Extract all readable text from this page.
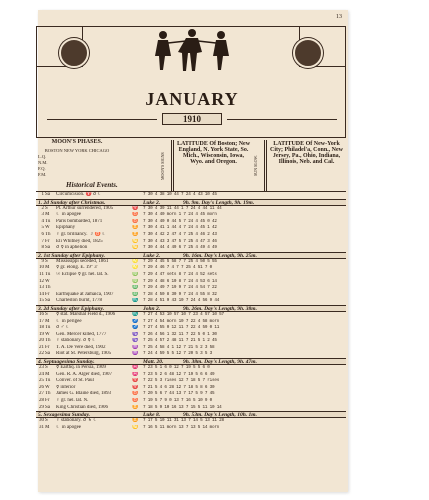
13
JANUARY
1910
MOON'S PHASES.
BOSTON NEW YORK CHICAGO
L.Q.
N.M.
F.Q.
F.M.
Historical Events.
MOON'S SIGNS
LATITUDE Of Boston; New England, N. York State, So. Mich., Wisconsin, Iowa, Wyo. and Oregon.	SUN SLOW.
LATITUDE Of New-York City; Philadel'a, Conn., New Jersey, Pa., Ohio, Indiana, Illinois, Neb. and Cal.
1 Sa	Circumcision. ♈ ☌ ☾	7 30 4 38 10 44 7 24 4 43 10 45
1. 2d Sunday after Christmas.	Luke 2.	9h. 9m. Day's Length, 9h. 19m.
2 S	Pt. Arthur surrendered, 1905	♈	7 30 4 39 11 44 1 7 24 4 44 11 44
3 M	☾ in apogee	♉	7 30 4 40 morn 1 7 24 4 45 morn
4 Tu	Paris bombarded, 1871	♉	7 30 4 40 0 44 5 7 24 4 45 0 42
5 W	Epiphany	♊	7 30 4 41 1 44 4 7 24 4 45 1 42
6 Th	♀ gr. brilliancy. ☽ ♉ ☾	♊	7 30 4 42 2 47 4 7 25 4 46 2 43
7 Fr	Eli Whitney died, 1825	♋	7 30 4 43 3 47 5 7 25 4 47 3 46
8 Sa	☌ ☿ in aphelion	♋	7 30 4 44 4 49 6 7 25 4 49 4 49
2. 1st Sunday after Epiphany.	Luke 2.	9h. 16m. Day's Length, 9h. 25m.
9 S	Mississippi seceded, 1861	♌	7 29 4 45 5 58 7 7 25 4 50 5 55
10 M	☿ gr. elong. E. 19° 3'	♌	7 29 4 46 7 4 7 7 25 4 51 7 0
11 Tu	☉ Eclipse ☿ gr. hel. lat. S.	♍	7 29 4 47 sets 8 7 24 4 52 sets
12 W	♍	7 29 4 48 6 10 8 7 24 4 53 6 14
13 Th	♎	7 29 4 49 7 19 9 7 24 4 54 7 22
14 Fr	Earthquake at Jamaica, 1907	♎	7 28 4 50 8 30 9 7 24 4 55 8 32
15 Sa	Charleston burnt, 1778	♏	7 28 4 51 9 43 10 7 24 4 56 9 44
3. 2d Sunday after Epiphany.	John 2.	9h. 26m. Day's Length, 9h. 38m.
16 S	☿ stat. Marshal Field d., 1906	♏	7 27 4 53 10 57 10 7 23 4 57 10 57
17 M	☾ in perigee	♐	7 27 4 54 morn 10 7 22 4 58 morn
18 Tu	☌ ♂ ☾	♐	7 27 4 55 0 12 11 7 22 4 59 0 11
19 W	Gen. Mercer killed, 1777	♑	7 26 4 56 1 32 11 7 22 5 0 1 30
20 Th	♀ stationary. ☌ ☿ ☾	♑	7 25 4 57 2 48 11 7 21 5 1 2 45
21 Fr	T. A. De Vere died, 1902	♒	7 25 4 58 4 1 12 7 21 5 2 3 58
22 Sa	Riot at St. Petersburg, 1905	♒	7 24 4 59 5 5 12 7 20 5 3 5 3
4. Septuagesima Sunday.	Matt. 20.	9h. 38m. Day's Length, 9h. 47m.
23 S	☿ Earthq. in Persia, 1909	♓	7 23 5 1 6 0 12 7 19 5 5 6 0
24 M	Gen. R. A. Alger died, 1907	♓	7 23 5 2 6 48 12 7 19 5 6 6 49
25 Tu	Conver. of St. Paul	♈	7 22 5 3 rises 12 7 18 5 7 rises
26 W	☿ inferior	♈	7 21 5 4 6 28 12 7 18 5 8 6 30
27 Th	James G. Blaine died, 1893	♉	7 20 5 6 7 44 13 7 17 5 9 7 45
28 Fr	♀ gr. hel. lat. N.	♉	7 19 5 7 9 0 13 7 16 5 10 9 0
29 Sa	King Christian died, 1906	♊	7 18 5 9 10 16 13 7 15 5 11 10 14
5. Sexagesima Sunday.	Luke 8.	9h. 53m. Day's Length, 10h. 1m.
30 S	♀ stationary. ☌ ♄ ☾	♊	7 17 5 10 11 31 13 7 14 5 13 11 28
31 M	☾ in apogee	♋	7 16 5 11 morn 13 7 13 5 14 morn
